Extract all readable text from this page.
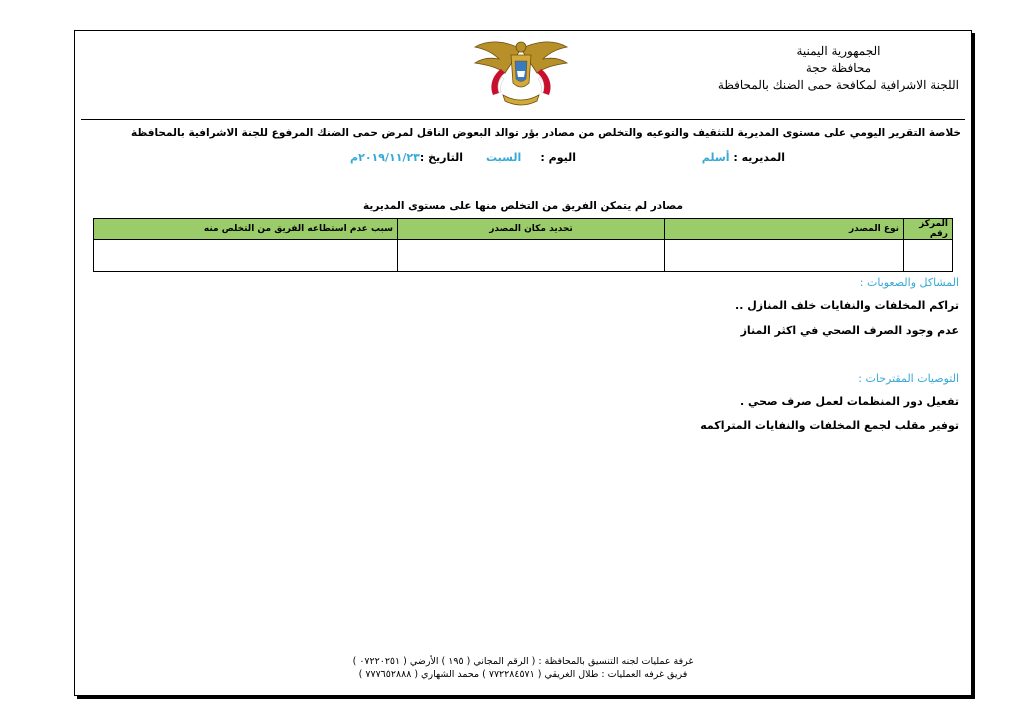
الجمهورية اليمنية
محافظة حجة
اللجنة الاشرافية لمكافحة حمى الضنك بالمحافظة
خلاصة التقرير اليومي على مستوى المديرية للتثقيف والتوعيه والتخلص من مصادر بؤر توالد البعوض الناقل لمرض حمى الضنك المرفوع للجنة الاشرافية بالمحافظة
المديريه : أسلم
اليوم :     السبت
التاريخ :٢٠١٩/١١/٢٣م
مصادر لم يتمكن الفريق من التخلص منها على مستوى المديرية
المركز رقم	نوع المصدر	تحديد مكان المصدر	سبب عدم استطاعه الفريق من التخلص منه

المشاكل والصعوبات :
تراكم المخلفات والنفايات خلف المنازل ..
عدم وجود الصرف الصحي في اكثر المناز
التوصيات المقترحات :
تفعيل دور المنظمات لعمل صرف صحي .
توفير مقلب لجمع المخلفات والنفايات المتراكمه
غرفة عمليات لجنه التنسيق بالمحافظة : ( الرقم المجاني ( ١٩٥ ) الأرضي ( ٠٧٢٢٠٢٥١ )
فريق غرفه العمليات : طلال الغريقي ( ٧٧٢٢٨٤٥٧١ ) محمد الشهاري ( ٧٧٧٦٥٢٨٨٨ )
